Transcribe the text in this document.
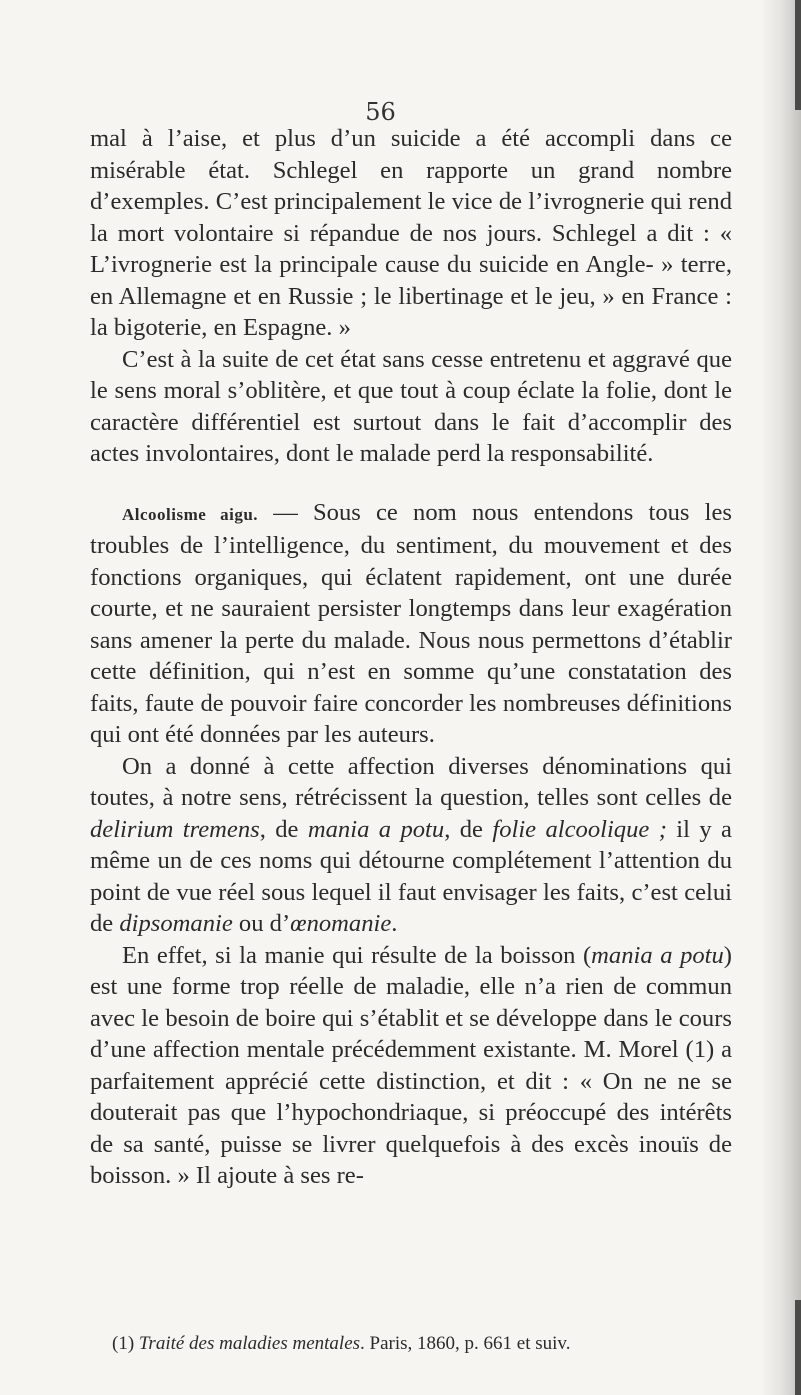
56

mal à l’aise, et plus d’un suicide a été accompli dans ce misérable état. Schlegel en rapporte un grand nombre d’exemples. C’est principalement le vice de l’ivrognerie qui rend la mort volontaire si répandue de nos jours. Schlegel a dit : « L’ivrognerie est la principale cause du suicide en Angle- » terre, en Allemagne et en Russie ; le libertinage et le jeu, » en France : la bigoterie, en Espagne. »

C’est à la suite de cet état sans cesse entretenu et aggravé que le sens moral s’oblitère, et que tout à coup éclate la folie, dont le caractère différentiel est surtout dans le fait d’accomplir des actes involontaires, dont le malade perd la responsabilité.

Alcoolisme aigu. — Sous ce nom nous entendons tous les troubles de l’intelligence, du sentiment, du mouvement et des fonctions organiques, qui éclatent rapidement, ont une durée courte, et ne sauraient persister longtemps dans leur exagération sans amener la perte du malade. Nous nous permettons d’établir cette définition, qui n’est en somme qu’une constatation des faits, faute de pouvoir faire concorder les nombreuses définitions qui ont été données par les auteurs.

On a donné à cette affection diverses dénominations qui toutes, à notre sens, rétrécissent la question, telles sont celles de delirium tremens, de mania a potu, de folie alcoolique ; il y a même un de ces noms qui détourne complétement l’attention du point de vue réel sous lequel il faut envisager les faits, c’est celui de dipsomanie ou d’œnomanie.

En effet, si la manie qui résulte de la boisson (mania a potu) est une forme trop réelle de maladie, elle n’a rien de commun avec le besoin de boire qui s’établit et se développe dans le cours d’une affection mentale précédemment existante. M. Morel (1) a parfaitement apprécié cette distinction, et dit : « On ne ne se douterait pas que l’hypochondriaque, si préoccupé des intérêts de sa santé, puisse se livrer quelquefois à des excès inouïs de boisson. » Il ajoute à ses re-

(1) Traité des maladies mentales. Paris, 1860, p. 661 et suiv.
